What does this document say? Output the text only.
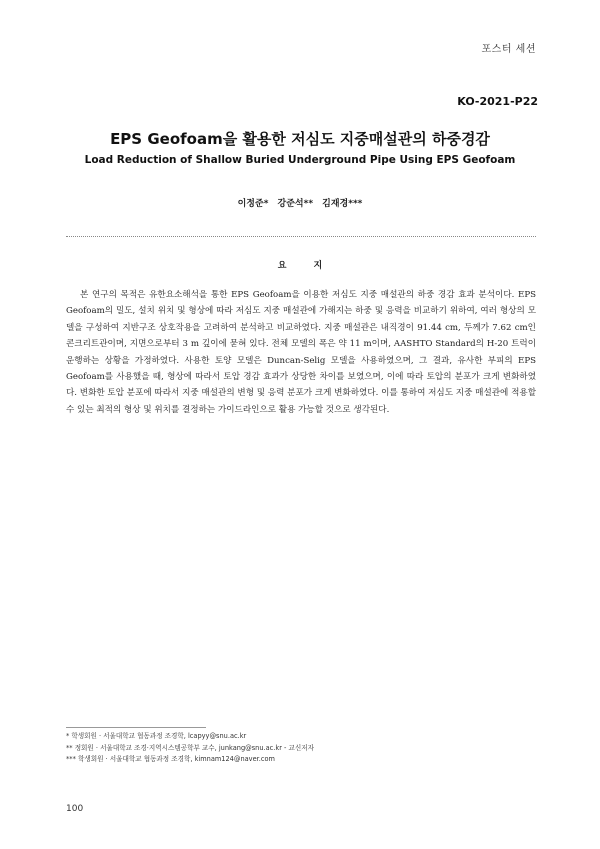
포스터 세션
KO-2021-P22
EPS Geofoam을 활용한 저심도 지중매설관의 하중경감
Load Reduction of Shallow Buried Underground Pipe Using EPS Geofoam
이정준* 강준석** 김재경***
요 지

본 연구의 목적은 유한요소해석을 통한 EPS Geofoam을 이용한 저심도 지중 매설관의 하중 경감 효과 분석이다. EPS Geofoam의 밀도, 설치 위치 및 형상에 따라 저심도 지중 매설관에 가해지는 하중 및 응력을 비교하기 위하여, 여러 형상의 모델을 구성하여 지반구조 상호작용을 고려하여 분석하고 비교하였다. 지중 매설관은 내직경이 91.44 cm, 두께가 7.62 cm인 콘크리트관이며, 지면으로부터 3 m 깊이에 묻혀 있다. 전체 모델의 폭은 약 11 m이며, AASHTO Standard의 H-20 트럭이 운행하는 상황을 가정하였다. 사용한 토양 모델은 Duncan-Selig 모델을 사용하였으며, 그 결과, 유사한 부피의 EPS Geofoam를 사용했을 때, 형상에 따라서 토압 경감 효과가 상당한 차이를 보였으며, 이에 따라 토압의 분포가 크게 변화하였다. 변화한 토압 분포에 따라서 지중 매설관의 변형 및 응력 분포가 크게 변화하였다. 이를 통하여 저심도 지중 매설관에 적용할 수 있는 최적의 형상 및 위치를 결정하는 가이드라인으로 활용 가능할 것으로 생각된다.

* 학생회원 · 서울대학교 협동과정 조경학, lcapyy@snu.ac.kr
** 정회원 · 서울대학교 조경·지역시스템공학부 교수, junkang@snu.ac.kr - 교신저자
*** 학생회원 · 서울대학교 협동과정 조경학, kimnam124@naver.com
100
